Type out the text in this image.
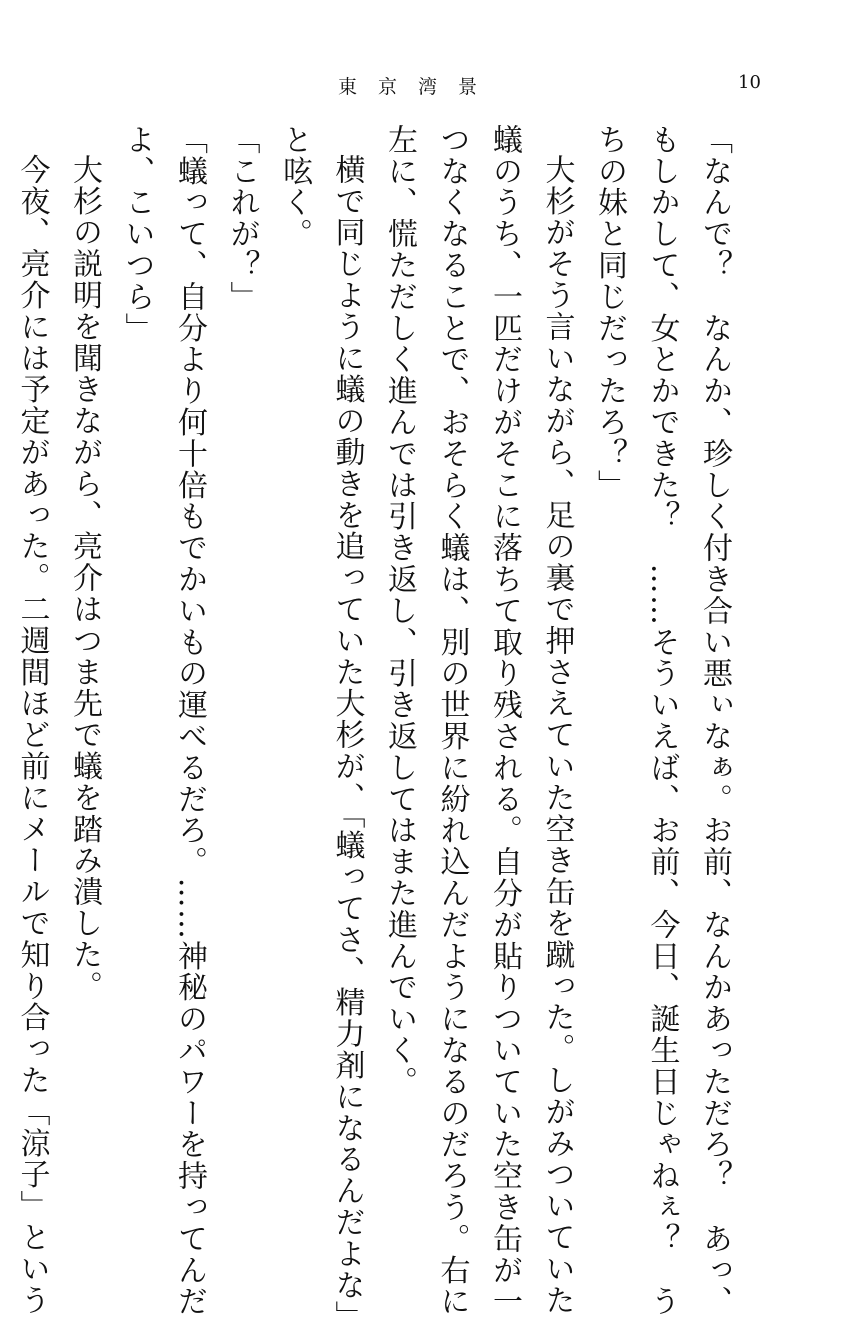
東京湾景	10

「なんで？　なんか、珍しく付き合い悪ぃなぁ。お前、なんかあっただろ？　あっ、

もしかして、女とかできた？　……そういえば、お前、今日、誕生日じゃねぇ？　う

ちの妹と同じだったろ？」

大杉がそう言いながら、足の裏で押さえていた空き缶を蹴った。しがみついていた

蟻のうち、一匹だけがそこに落ちて取り残される。自分が貼りついていた空き缶が一

つなくなることで、おそらく蟻は、別の世界に紛れ込んだようになるのだろう。右に

左に、慌ただしく進んでは引き返し、引き返してはまた進んでいく。

横で同じように蟻の動きを追っていた大杉が、「蟻ってさ、精力剤になるんだよな」

と呟く。

「これが？」

「蟻って、自分より何十倍もでかいもの運べるだろ。……神秘のパワーを持ってんだ

よ、こいつら」

大杉の説明を聞きながら、亮介はつま先で蟻を踏み潰した。

今夜、亮介には予定があった。二週間ほど前にメールで知り合った「涼子」という
